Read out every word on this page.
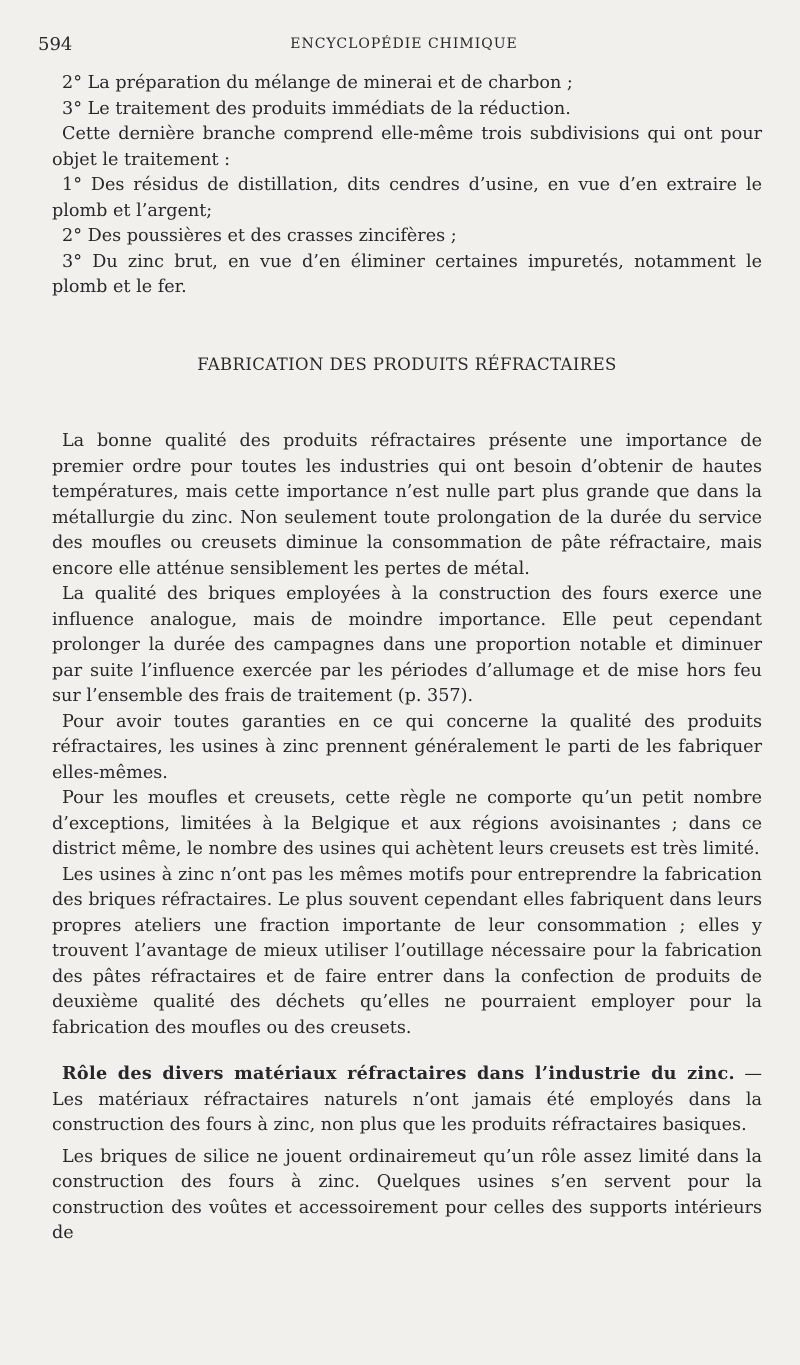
594	ENCYCLOPÉDIE CHIMIQUE

2° La préparation du mélange de minerai et de charbon ;

3° Le traitement des produits immédiats de la réduction.

Cette dernière branche comprend elle-même trois subdivisions qui ont pour objet le traitement :

1° Des résidus de distillation, dits cendres d’usine, en vue d’en extraire le plomb et l’argent;

2° Des poussières et des crasses zincifères ;

3° Du zinc brut, en vue d’en éliminer certaines impuretés, notamment le plomb et le fer.

FABRICATION DES PRODUITS RÉFRACTAIRES

La bonne qualité des produits réfractaires présente une importance de premier ordre pour toutes les industries qui ont besoin d’obtenir de hautes températures, mais cette importance n’est nulle part plus grande que dans la métallurgie du zinc. Non seulement toute prolongation de la durée du service des moufles ou creusets diminue la consommation de pâte réfractaire, mais encore elle atténue sensiblement les pertes de métal.

La qualité des briques employées à la construction des fours exerce une influence analogue, mais de moindre importance. Elle peut cependant prolonger la durée des campagnes dans une proportion notable et diminuer par suite l’influence exercée par les périodes d’allumage et de mise hors feu sur l’ensemble des frais de traitement (p. 357).

Pour avoir toutes garanties en ce qui concerne la qualité des produits réfractaires, les usines à zinc prennent généralement le parti de les fabriquer elles-mêmes.

Pour les moufles et creusets, cette règle ne comporte qu’un petit nombre d’exceptions, limitées à la Belgique et aux régions avoisinantes ; dans ce district même, le nombre des usines qui achètent leurs creusets est très limité.

Les usines à zinc n’ont pas les mêmes motifs pour entreprendre la fabrication des briques réfractaires. Le plus souvent cependant elles fabriquent dans leurs propres ateliers une fraction importante de leur consommation ; elles y trouvent l’avantage de mieux utiliser l’outillage nécessaire pour la fabrication des pâtes réfractaires et de faire entrer dans la confection de produits de deuxième qualité des déchets qu’elles ne pourraient employer pour la fabrication des moufles ou des creusets.

Rôle des divers matériaux réfractaires dans l’industrie du zinc. — Les matériaux réfractaires naturels n’ont jamais été employés dans la construction des fours à zinc, non plus que les produits réfractaires basiques.

Les briques de silice ne jouent ordinairemeut qu’un rôle assez limité dans la construction des fours à zinc. Quelques usines s’en servent pour la construction des voûtes et accessoirement pour celles des supports intérieurs de
